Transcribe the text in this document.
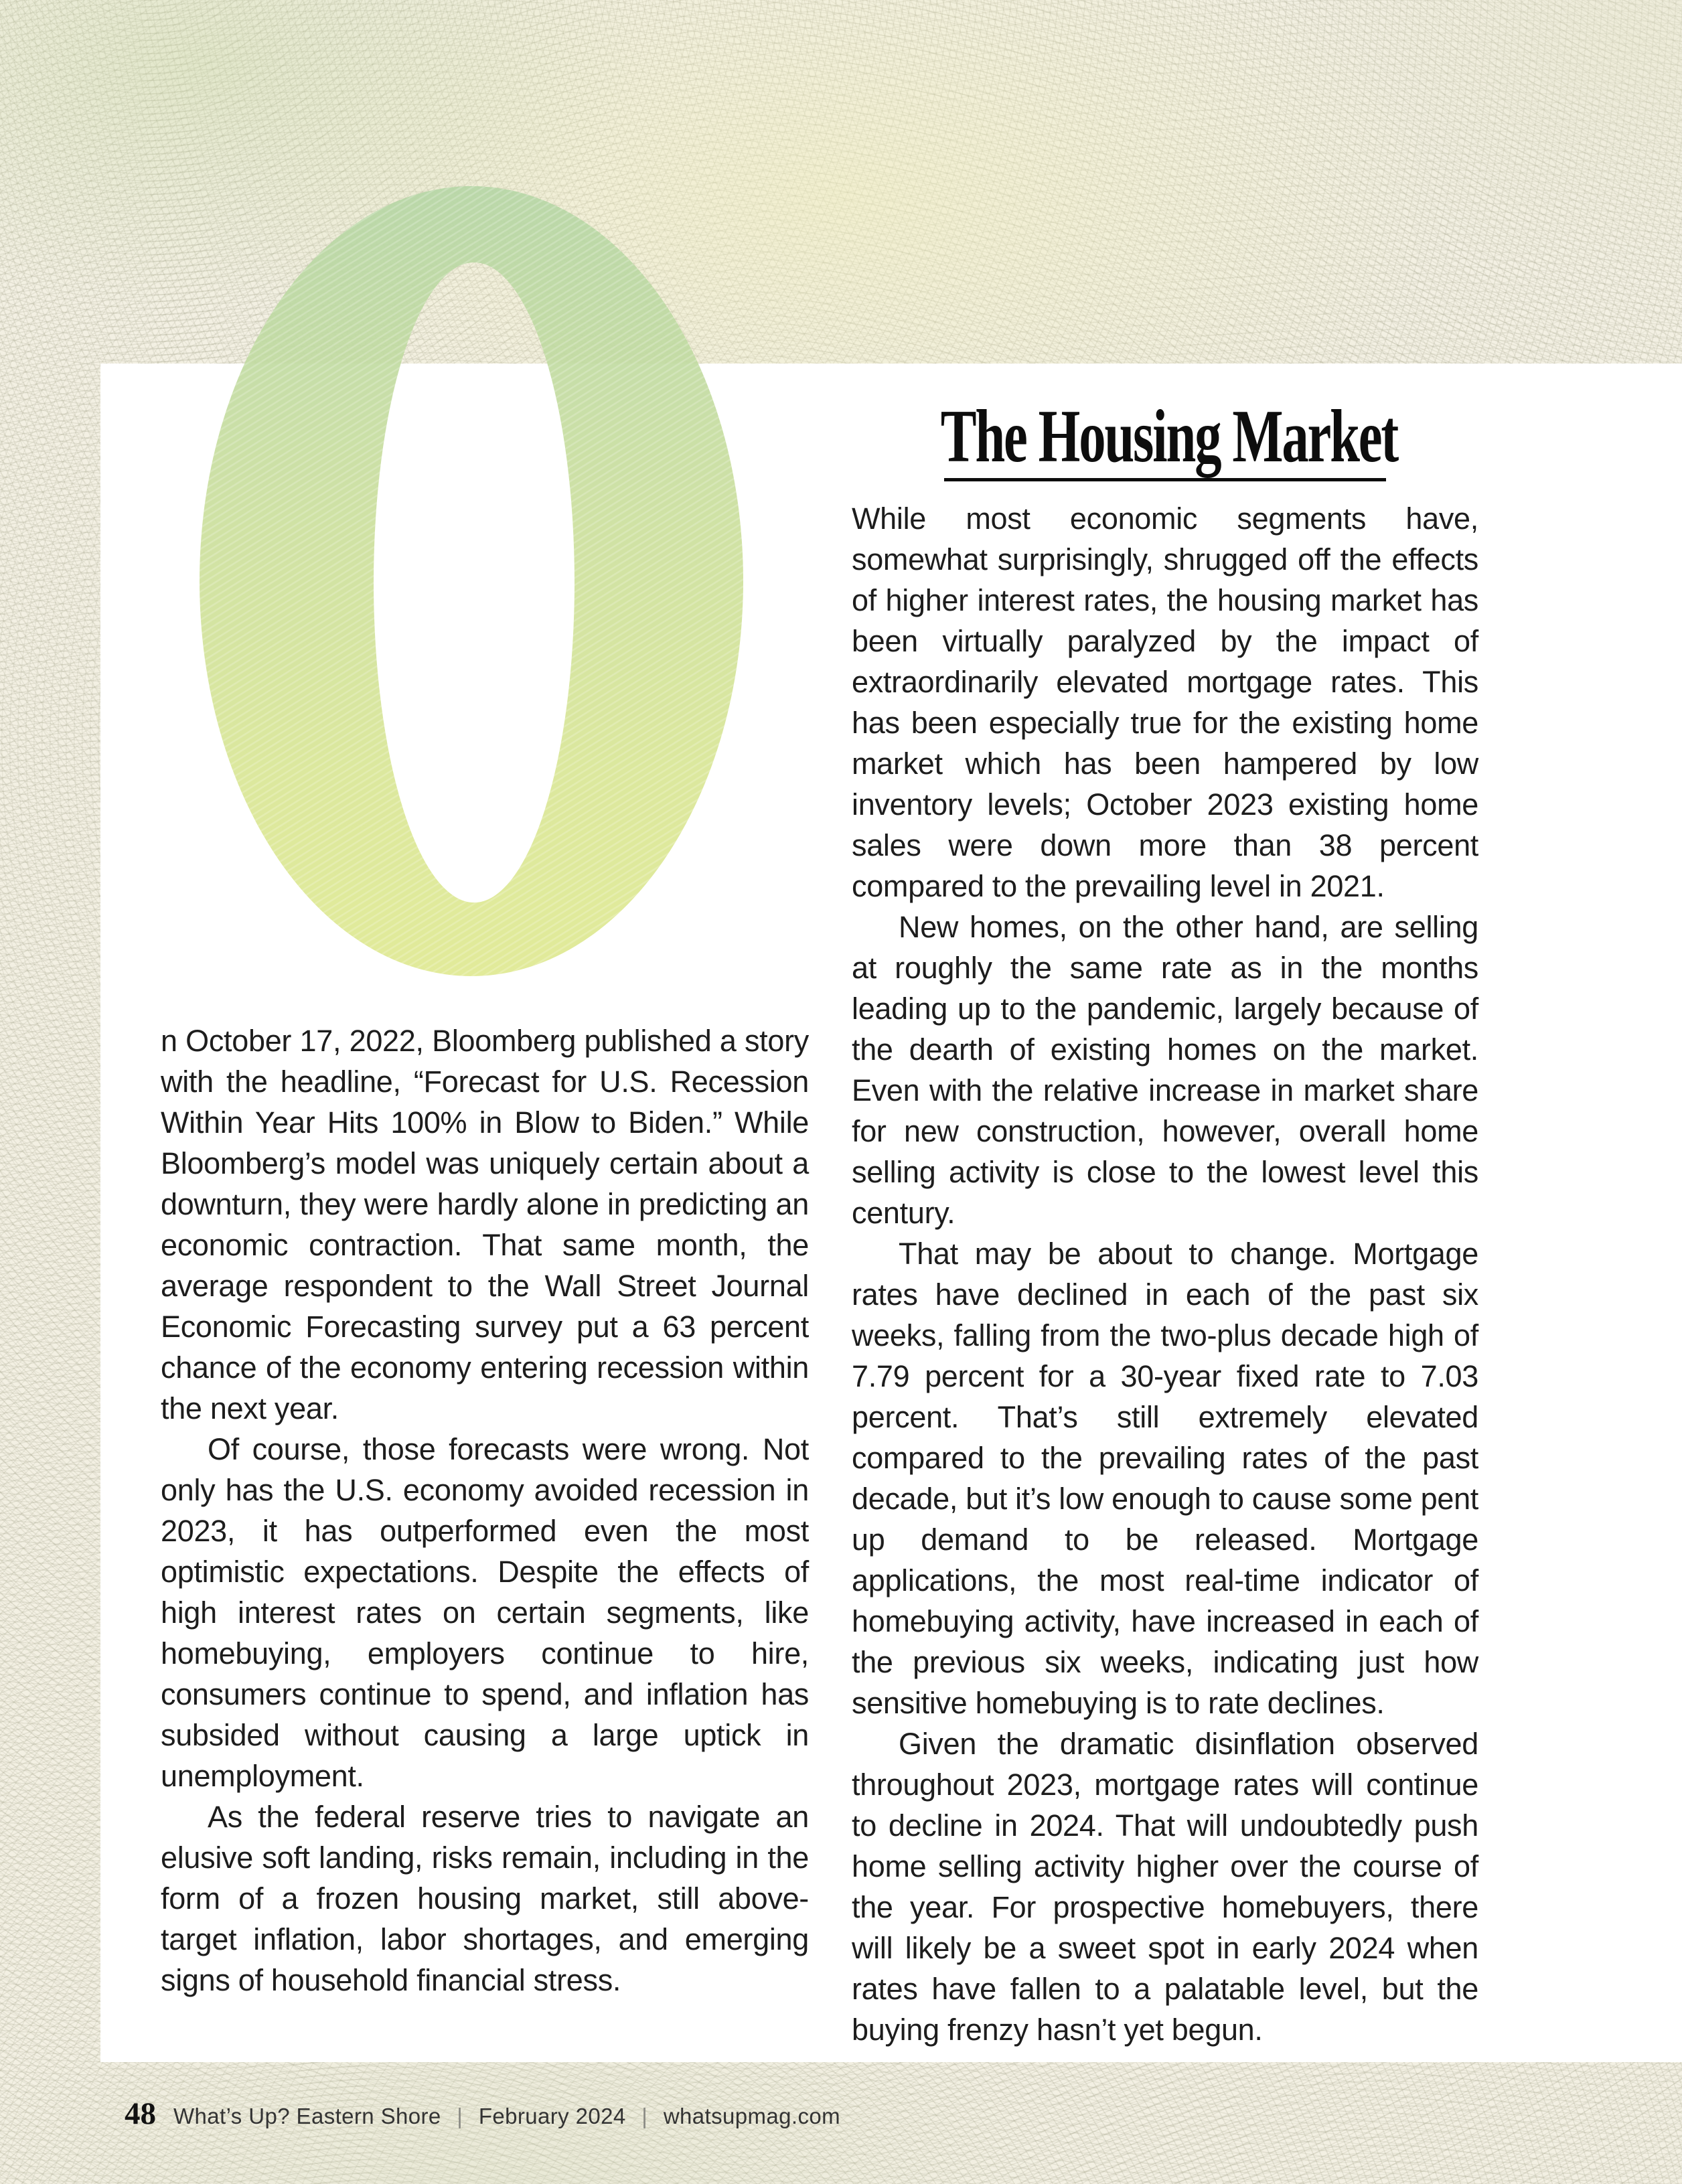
n October 17, 2022, Bloomberg published a story with the headline, “Forecast for U.S. Recession Within Year Hits 100% in Blow to Biden.” While Bloomberg’s model was uniquely certain about a downturn, they were hardly alone in predicting an economic contraction. That same month, the average respondent to the Wall Street Journal Economic Forecasting survey put a 63 percent chance of the economy entering recession within the next year.

Of course, those forecasts were wrong. Not only has the U.S. economy avoided recession in 2023, it has outperformed even the most optimistic expectations. Despite the effects of high interest rates on certain segments, like homebuying, employers continue to hire, consumers continue to spend, and inflation has subsided without causing a large uptick in unemployment.

As the federal reserve tries to navigate an elusive soft landing, risks remain, including in the form of a frozen housing market, still above-target inflation, labor shortages, and emerging signs of household financial stress.

The Housing Market

While most economic segments have, somewhat surprisingly, shrugged off the effects of higher interest rates, the housing market has been virtually paralyzed by the impact of extraordinarily elevated mortgage rates. This has been especially true for the existing home market which has been hampered by low inventory levels; October 2023 existing home sales were down more than 38 percent compared to the prevailing level in 2021.

New homes, on the other hand, are selling at roughly the same rate as in the months leading up to the pandemic, largely because of the dearth of existing homes on the market. Even with the relative increase in market share for new construction, however, overall home selling activity is close to the lowest level this century.

That may be about to change. Mortgage rates have declined in each of the past six weeks, falling from the two-plus decade high of 7.79 percent for a 30-year fixed rate to 7.03 percent. That’s still extremely elevated compared to the prevailing rates of the past decade, but it’s low enough to cause some pent up demand to be released. Mortgage applications, the most real-time indicator of homebuying activity, have increased in each of the previous six weeks, indicating just how sensitive homebuying is to rate declines.

Given the dramatic disinflation observed throughout 2023, mortgage rates will continue to decline in 2024. That will undoubtedly push home selling activity higher over the course of the year. For prospective homebuyers, there will likely be a sweet spot in early 2024 when rates have fallen to a palatable level, but the buying frenzy hasn’t yet begun.

48 What’s Up? Eastern Shore | February 2024 | whatsupmag.com
